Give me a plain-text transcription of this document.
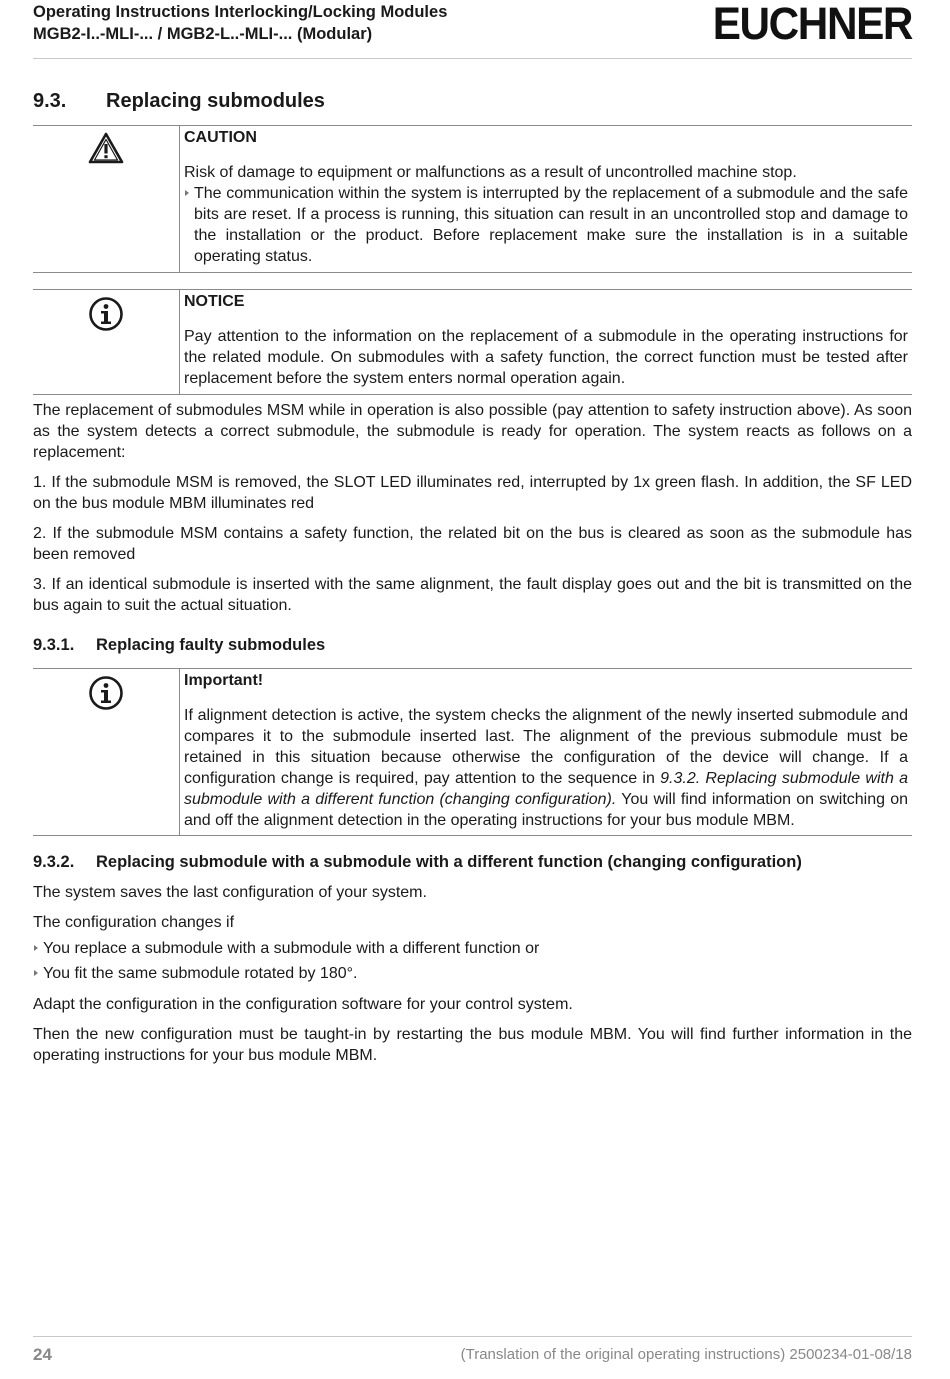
Operating Instructions Interlocking/Locking Modules
MGB2-I..-MLI-... / MGB2-L..-MLI-... (Modular)	EUCHNER
9.3. Replacing submodules
CAUTION

Risk of damage to equipment or malfunctions as a result of uncontrolled machine stop.

The communication within the system is interrupted by the replacement of a submodule and the safe bits are reset. If a process is running, this situation can result in an uncontrolled stop and damage to the installation or the product. Before replacement make sure the installation is in a suitable operating status.
NOTICE

Pay attention to the information on the replacement of a submodule in the operating instructions for the related module. On submodules with a safety function, the correct function must be tested after replacement before the system enters normal operation again.

The replacement of submodules MSM while in operation is also possible (pay attention to safety instruction above). As soon as the system detects a correct submodule, the submodule is ready for operation. The system reacts as follows on a replacement:

1. If the submodule MSM is removed, the SLOT LED illuminates red, interrupted by 1x green flash. In addition, the SF LED on the bus module MBM illuminates red

2. If the submodule MSM contains a safety function, the related bit on the bus is cleared as soon as the submodule has been removed

3. If an identical submodule is inserted with the same alignment, the fault display goes out and the bit is transmitted on the bus again to suit the actual situation.

9.3.1. Replacing faulty submodules
Important!

If alignment detection is active, the system checks the alignment of the newly inserted submodule and compares it to the submodule inserted last. The alignment of the previous submodule must be retained in this situation because otherwise the configuration of the device will change. If a configuration change is required, pay attention to the sequence in 9.3.2. Replacing submodule with a submodule with a different function (changing configuration). You will find information on switching on and off the alignment detection in the operating instructions for your bus module MBM.

9.3.2. Replacing submodule with a submodule with a different function (changing configuration)

The system saves the last configuration of your system.

The configuration changes if

You replace a submodule with a submodule with a different function or
You fit the same submodule rotated by 180°.

Adapt the configuration in the configuration software for your control system.

Then the new configuration must be taught-in by restarting the bus module MBM. You will find further information in the operating instructions for your bus module MBM.

24	(Translation of the original operating instructions) 2500234-01-08/18
